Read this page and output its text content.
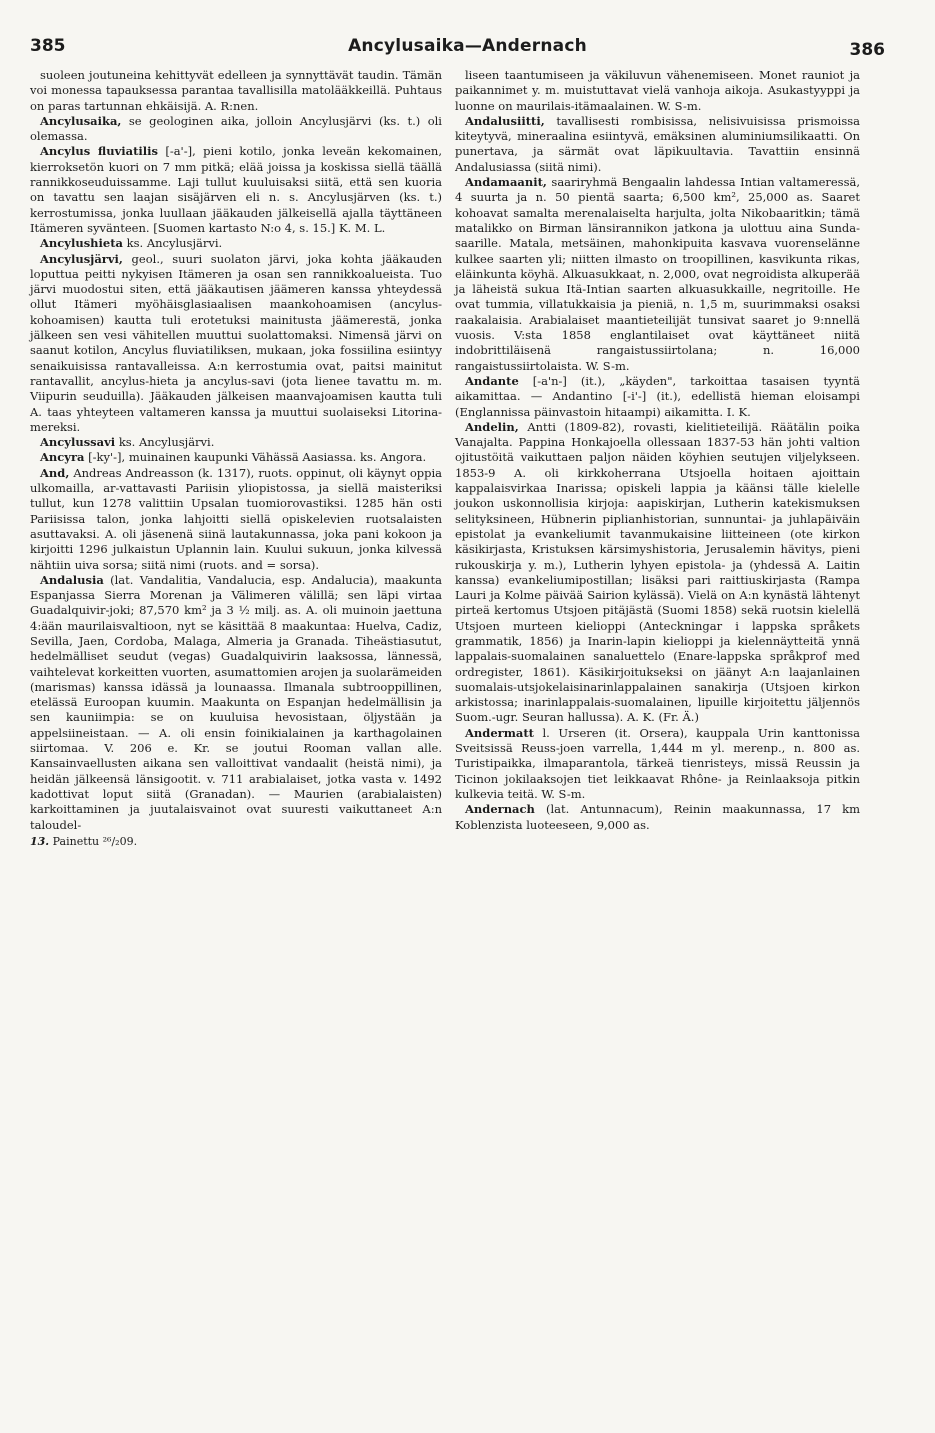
385	Ancylusaika—Andernach	386

suoleen joutuneina kehittyvät edelleen ja synnyttävät taudin. Tämän voi monessa tapauksessa parantaa tavallisilla matolääkkeillä. Puhtaus on paras tartunnan ehkäisijä. A. R:nen.

Ancylusaika, se geologinen aika, jolloin Ancylusjärvi (ks. t.) oli olemassa.

Ancylus fluviatilis [-a'-], pieni kotilo, jonka leveän kekomainen, kierroksetön kuori on 7 mm pitkä; elää joissa ja koskissa siellä täällä rannikkoseuduissamme. Laji tullut kuuluisaksi siitä, että sen kuoria on tavattu sen laajan sisäjärven eli n. s. Ancylusjärven (ks. t.) kerrostumissa, jonka luullaan jääkauden jälkeisellä ajalla täyttäneen Itämeren syvänteen. [Suomen kartasto N:o 4, s. 15.] K. M. L.

Ancylushieta ks. Ancylusjärvi.

Ancylusjärvi, geol., suuri suolaton järvi, joka kohta jääkauden loputtua peitti nykyisen Itämeren ja osan sen rannikkoalueista. Tuo järvi muodostui siten, että jääkautisen jäämeren kanssa yhteydessä ollut Itämeri myöhäisglasiaalisen maankohoamisen (ancylus-kohoamisen) kautta tuli erotetuksi mainitusta jäämerestä, jonka jälkeen sen vesi vähitellen muuttui suolattomaksi. Nimensä järvi on saanut kotilon, Ancylus fluviatiliksen, mukaan, joka fossiilina esiintyy senaikuisissa rantavalleissa. A:n kerrostumia ovat, paitsi mainitut rantavallit, ancylus-hieta ja ancylus-savi (jota lienee tavattu m. m. Viipurin seuduilla). Jääkauden jälkeisen maanvajoamisen kautta tuli A. taas yhteyteen valtameren kanssa ja muuttui suolaiseksi Litorina-mereksi.

Ancylussavi ks. Ancylusjärvi.

Ancyra [-ky'-], muinainen kaupunki Vähässä Aasiassa. ks. Angora.

And, Andreas Andreasson (k. 1317), ruots. oppinut, oli käynyt oppia ulkomailla, ar-vattavasti Pariisin yliopistossa, ja siellä maisteriksi tullut, kun 1278 valittiin Upsalan tuomiorovastiksi. 1285 hän osti Pariisissa talon, jonka lahjoitti siellä opiskelevien ruotsalaisten asuttavaksi. A. oli jäsenenä siinä lautakunnassa, joka pani kokoon ja kirjoitti 1296 julkaistun Uplannin lain. Kuului sukuun, jonka kilvessä nähtiin uiva sorsa; siitä nimi (ruots. and = sorsa).

Andalusia (lat. Vandalitia, Vandalucia, esp. Andalucia), maakunta Espanjassa Sierra Morenan ja Välimeren välillä; sen läpi virtaa Guadalquivir-joki; 87,570 km² ja 3 ½ milj. as. A. oli muinoin jaettuna 4:ään maurilaisvaltioon, nyt se käsittää 8 maakuntaa: Huelva, Cadiz, Sevilla, Jaen, Cordoba, Malaga, Almeria ja Granada. Tiheästiasutut, hedelmälliset seudut (vegas) Guadalquivirin laaksossa, lännessä, vaihtelevat korkeitten vuorten, asumattomien arojen ja suolarämeiden (marismas) kanssa idässä ja lounaassa. Ilmanala subtrooppillinen, etelässä Euroopan kuumin. Maakunta on Espanjan hedelmällisin ja sen kauniimpia: se on kuuluisa hevosistaan, öljystään ja appelsiineistaan. — A. oli ensin foinikialainen ja karthagolainen siirtomaa. V. 206 e. Kr. se joutui Rooman vallan alle. Kansainvaellusten aikana sen valloittivat vandaalit (heistä nimi), ja heidän jälkeensä länsigootit. v. 711 arabialaiset, jotka vasta v. 1492 kadottivat loput siitä (Granadan). — Maurien (arabialaisten) karkoittaminen ja juutalaisvainot ovat suuresti vaikuttaneet A:n taloudel-

13. Painettu ²⁶/₂09.

liseen taantumiseen ja väkiluvun vähenemiseen. Monet rauniot ja paikannimet y. m. muistuttavat vielä vanhoja aikoja. Asukastyyppi ja luonne on maurilais-itämaalainen. W. S-m.

Andalusiitti, tavallisesti rombisissa, nelisivuisissa prismoissa kiteytyvä, mineraalina esiintyvä, emäksinen aluminiumsilikaatti. On punertava, ja särmät ovat läpikuultavia. Tavattiin ensinnä Andalusiassa (siitä nimi).

Andamaanit, saariryhmä Bengaalin lahdessa Intian valtameressä, 4 suurta ja n. 50 pientä saarta; 6,500 km², 25,000 as. Saaret kohoavat samalta merenalaiselta harjulta, jolta Nikobaaritkin; tämä matalikko on Birman länsirannikon jatkona ja ulottuu aina Sunda-saarille. Matala, metsäinen, mahonkipuita kasvava vuorenselänne kulkee saarten yli; niitten ilmasto on troopillinen, kasvikunta rikas, eläinkunta köyhä. Alkuasukkaat, n. 2,000, ovat negroidista alkuperää ja läheistä sukua Itä-Intian saarten alkuasukkaille, negritoille. He ovat tummia, villatukkaisia ja pieniä, n. 1,5 m, suurimmaksi osaksi raakalaisia. Arabialaiset maantieteilijät tunsivat saaret jo 9:nnellä vuosis. V:sta 1858 englantilaiset ovat käyttäneet niitä indobrittiläisenä rangaistussiirtolana; n. 16,000 rangaistussiirtolaista. W. S-m.

Andante [-a'n-] (it.), „käyden", tarkoittaa tasaisen tyyntä aikamittaa. — Andantino [-i'-] (it.), edellistä hieman eloisampi (Englannissa päinvastoin hitaampi) aikamitta. I. K.

Andelin, Antti (1809-82), rovasti, kielitieteilijä. Räätälin poika Vanajalta. Pappina Honkajoella ollessaan 1837-53 hän johti valtion ojitustöitä vaikuttaen paljon näiden köyhien seutujen viljelykseen. 1853-9 A. oli kirkkoherrana Utsjoella hoitaen ajoittain kappalaisvirkaa Inarissa; opiskeli lappia ja käänsi tälle kielelle joukon uskonnollisia kirjoja: aapiskirjan, Lutherin katekismuksen selityksineen, Hübnerin piplianhistorian, sunnuntai- ja juhlapäiväin epistolat ja evankeliumit tavanmukaisine liitteineen (ote kirkon käsikirjasta, Kristuksen kärsimyshistoria, Jerusalemin hävitys, pieni rukouskirja y. m.), Lutherin lyhyen epistola- ja (yhdessä A. Laitin kanssa) evankeliumipostillan; lisäksi pari raittiuskirjasta (Rampa Lauri ja Kolme päivää Sairion kylässä). Vielä on A:n kynästä lähtenyt pirteä kertomus Utsjoen pitäjästä (Suomi 1858) sekä ruotsin kielellä Utsjoen murteen kielioppi (Anteckningar i lappska språkets grammatik, 1856) ja Inarin-lapin kielioppi ja kielennäytteitä ynnä lappalais-suomalainen sanaluettelo (Enare-lappska språkprof med ordregister, 1861). Käsikirjoitukseksi on jäänyt A:n laajanlainen suomalais-utsjokelaisinarinlappalainen sanakirja (Utsjoen kirkon arkistossa; inarinlappalais-suomalainen, lipuille kirjoitettu jäljennös Suom.-ugr. Seuran hallussa). A. K. (Fr. Ä.)

Andermatt l. Urseren (it. Orsera), kauppala Urin kanttonissa Sveitsissä Reuss-joen varrella, 1,444 m yl. merenp., n. 800 as. Turistipaikka, ilmaparantola, tärkeä tienristeys, missä Reussin ja Ticinon jokilaaksojen tiet leikkaavat Rhône- ja Reinlaaksoja pitkin kulkevia teitä. W. S-m.

Andernach (lat. Antunnacum), Reinin maakunnassa, 17 km Koblenzista luoteeseen, 9,000 as.
